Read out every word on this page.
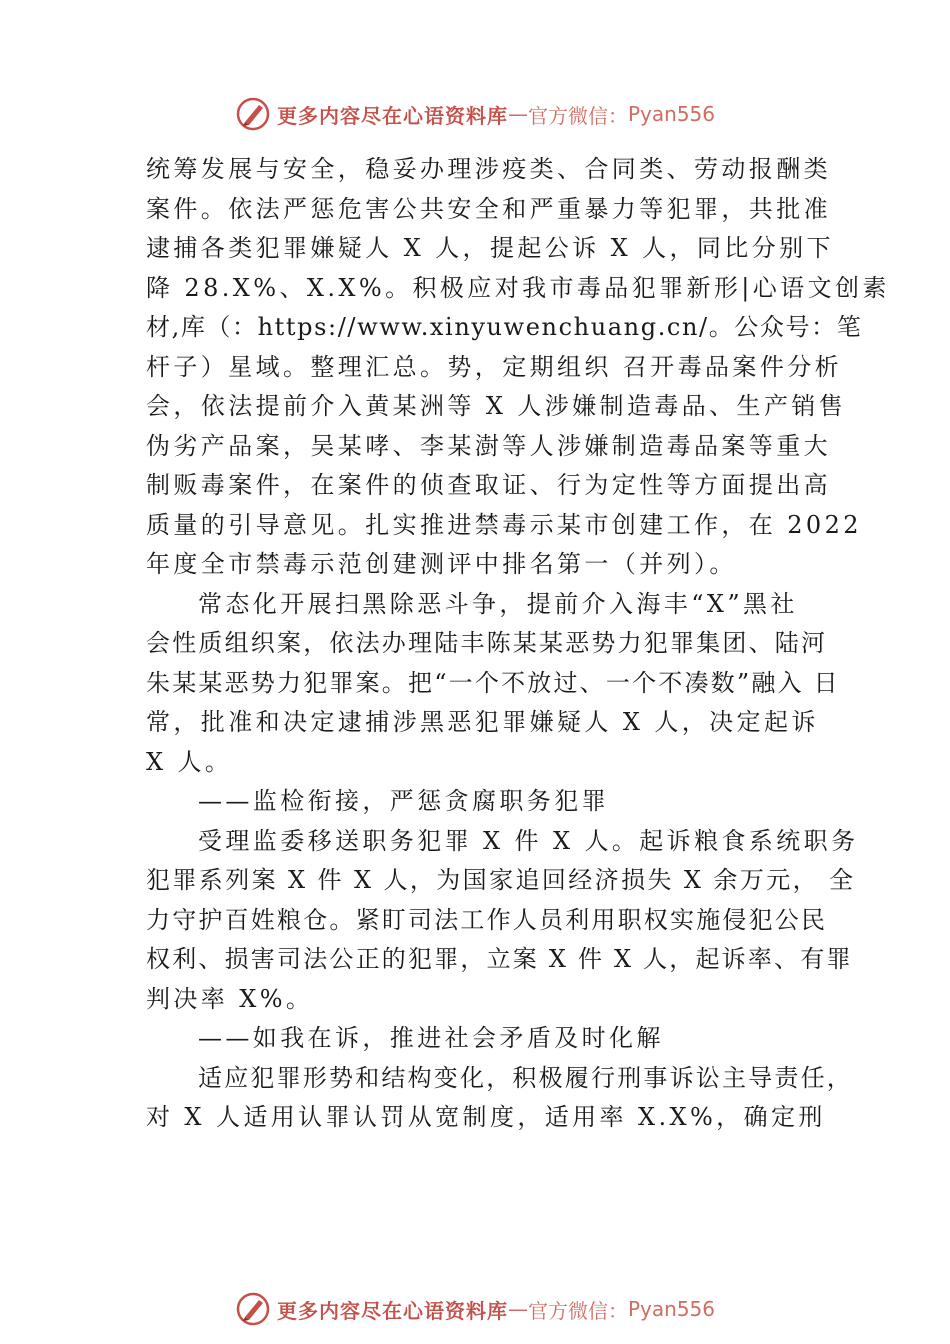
更多内容尽在心语资料库 — 官方微信： Pyan556
统筹发展与安全，稳妥办理涉疫类、合同类、劳动报酬类
案件。依法严惩危害公共安全和严重暴力等犯罪，共批准
逮捕各类犯罪嫌疑人 X 人，提起公诉 X 人，同比分别下
降 28.X%、X.X%。积极应对我市毒品犯罪新形|心语文创素
材,库（：https://www.xinyuwenchuang.cn/。公众号：笔
杆子）星域。整理汇总。势，定期组织 召开毒品案件分析
会，依法提前介入黄某洲等 X 人涉嫌制造毒品、生产销售
伪劣产品案，吴某哮、李某澍等人涉嫌制造毒品案等重大
制贩毒案件，在案件的侦查取证、行为定性等方面提出高
质量的引导意见。扎实推进禁毒示某市创建工作，在 2022
年度全市禁毒示范创建测评中排名第一（并列）。
常态化开展扫黑除恶斗争，提前介入海丰“X”黑社
会性质组织案，依法办理陆丰陈某某恶势力犯罪集团、陆河
朱某某恶势力犯罪案。把“一个不放过、一个不凑数”融入 日
常，批准和决定逮捕涉黑恶犯罪嫌疑人 X 人，决定起诉
X 人。
——监检衔接，严惩贪腐职务犯罪
受理监委移送职务犯罪 X 件 X 人。起诉粮食系统职务
犯罪系列案 X 件 X 人，为国家追回经济损失 X 余万元， 全
力守护百姓粮仓。紧盯司法工作人员利用职权实施侵犯公民
权利、损害司法公正的犯罪，立案 X 件 X 人，起诉率、有罪
判决率 X%。
——如我在诉，推进社会矛盾及时化解
适应犯罪形势和结构变化，积极履行刑事诉讼主导责任，
对 X 人适用认罪认罚从宽制度，适用率 X.X%，确定刑
更多内容尽在心语资料库 — 官方微信： Pyan556
